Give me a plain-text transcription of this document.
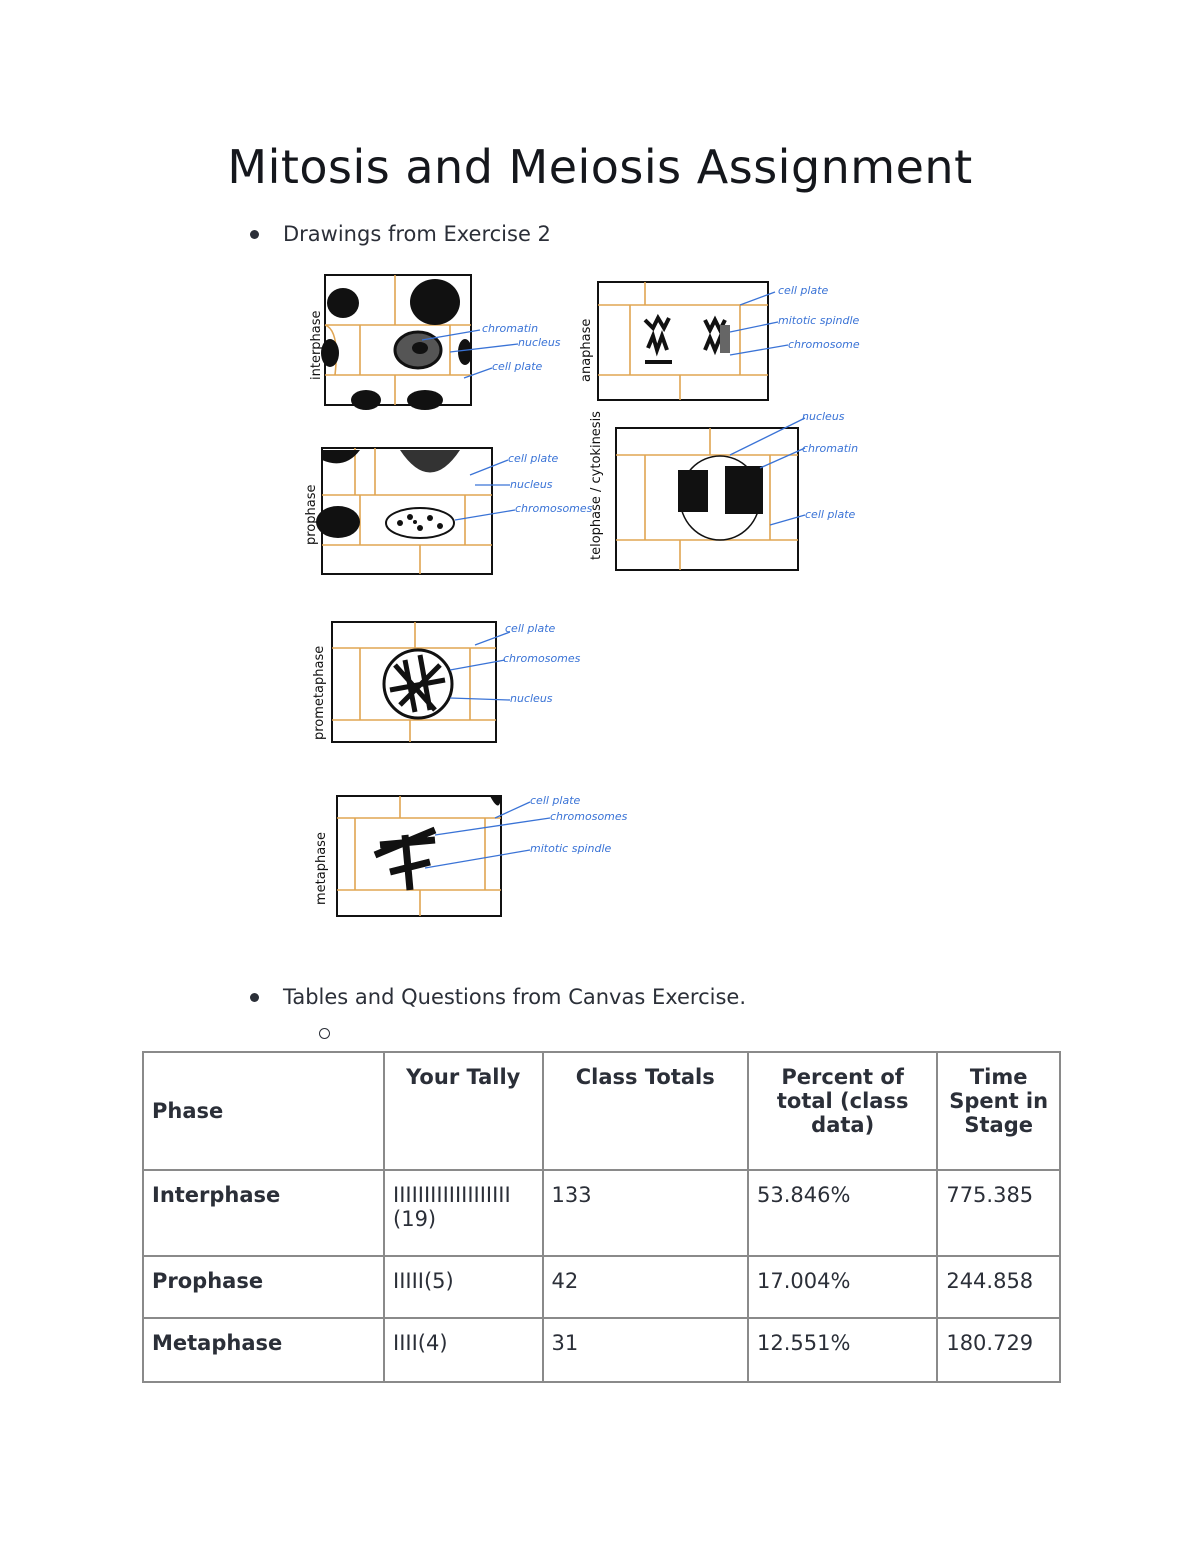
Mitosis and Meiosis Assignment
Drawings from Exercise 2
chromatin
nucleus
cell plate
interphase
cell plate
mitotic spindle
chromosome
anaphase
cell plate
nucleus
chromosomes
prophase
nucleus
chromatin
cell plate
telophase / cytokinesis
cell plate
chromosomes
nucleus
prometaphase
cell plate
chromosomes
mitotic spindle
metaphase
Tables and Questions from Canvas Exercise.
Phase	Your Tally	Class Totals	Percent of total (class data)	Time Spent in Stage
Interphase	IIIIIIIIIIIIIIIIIII (19)	133	53.846%	775.385
Prophase	IIIII(5)	42	17.004%	244.858
Metaphase	IIII(4)	31	12.551%	180.729
